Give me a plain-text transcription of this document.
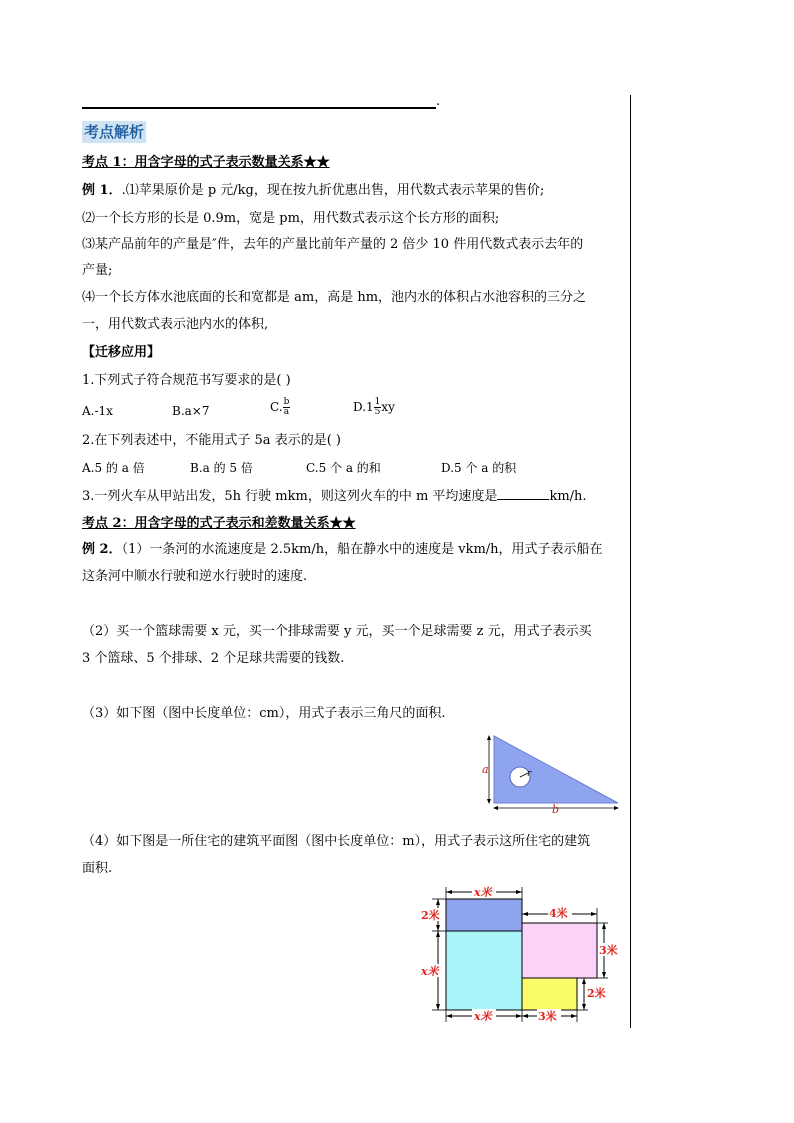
.
考点解析
考点 1：用含字母的式子表示数量关系★★
例 1．.⑴苹果原价是 p 元/kg，现在按九折优惠出售，用代数式表示苹果的售价;
⑵一个长方形的长是 0.9m，宽是 pm，用代数式表示这个长方形的面积;
⑶某产品前年的产量是″件，去年的产量比前年产量的 2 倍少 10 件用代数式表示去年的
产量;
⑷一个长方体水池底面的长和宽都是 am，高是 hm，池内水的体积占水池容积的三分之
一，用代数式表示池内水的体积,
【迁移应用】
1.下列式子符合规范书写要求的是( )
A.-1x	B.a×7	C. $\frac{b}{a}$	$D.1 \frac{1}{5}$ xy
2.在下列表述中，不能用式子 5a 表示的是( )
A.5 的 a 倍	B.a 的 5 倍	C.5 个 a 的和	D.5 个 a 的积
3.一列火车从甲站出发，5h 行驶 mkm，则这列火车的中 m 平均速度是	km/h.
考点 2：用含字母的式子表示和差数量关系★★
例 2．（1）一条河的水流速度是 2.5km/h，船在静水中的速度是 vkm/h，用式子表示船在
这条河中顺水行驶和逆水行驶时的速度.
（2）买一个篮球需要 x 元，买一个排球需要 y 元，买一个足球需要 z 元，用式子表示买
3 个篮球、5 个排球、2 个足球共需要的钱数.
（3）如下图（图中长度单位：cm），用式子表示三角尺的面积.
r
a
b
（4）如下图是一所住宅的建筑平面图（图中长度单位：m），用式子表示这所住宅的建筑
面积.
x米
4米
2米
x米
3米
2米
x米	3米
